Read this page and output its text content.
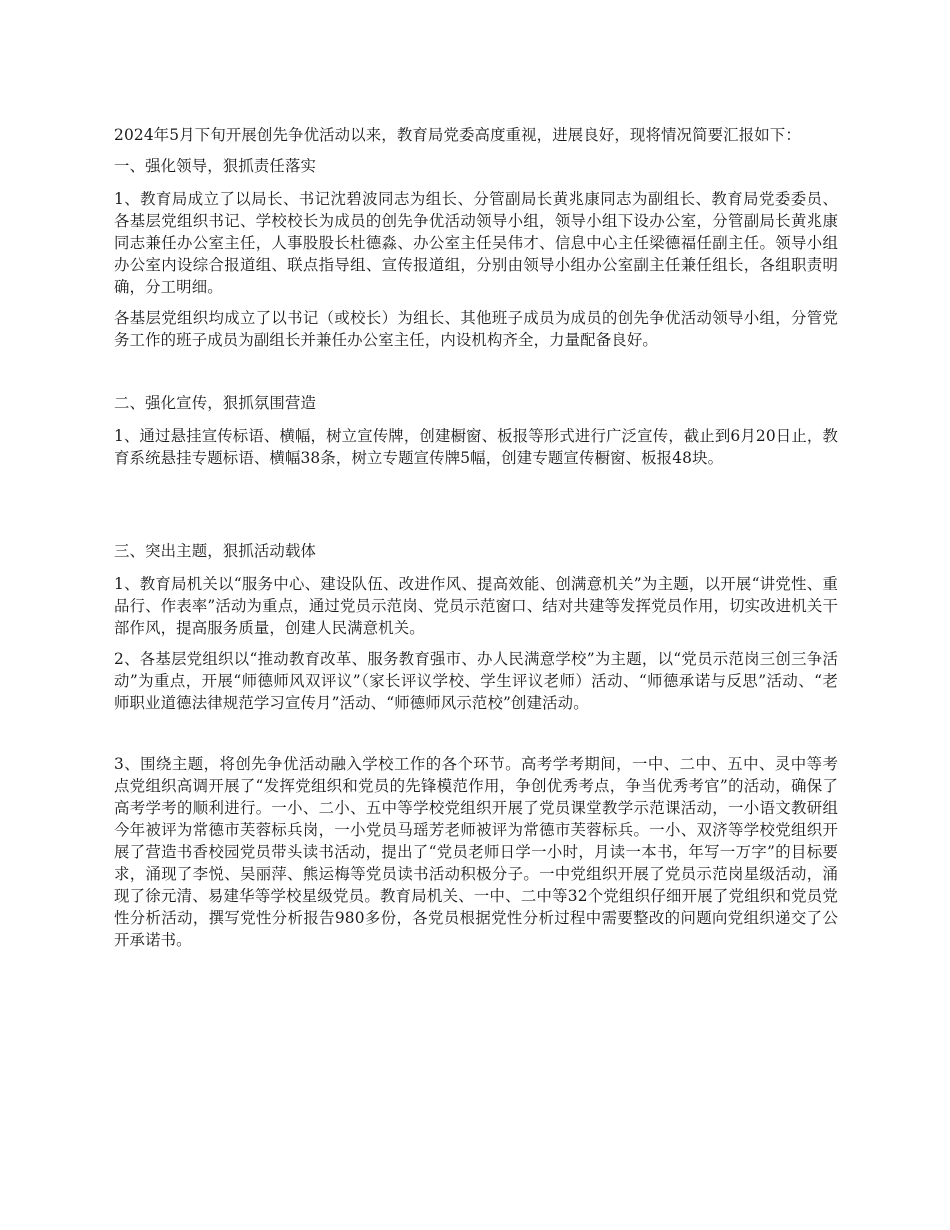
2024年5月下旬开展创先争优活动以来，教育局党委高度重视，进展良好，现将情况简要汇报如下：

一、强化领导，狠抓责任落实

1、教育局成立了以局长、书记沈碧波同志为组长、分管副局长黄兆康同志为副组长、教育局党委委员、各基层党组织书记、学校校长为成员的创先争优活动领导小组，领导小组下设办公室，分管副局长黄兆康同志兼任办公室主任，人事股股长杜德淼、办公室主任吴伟才、信息中心主任梁德福任副主任。领导小组办公室内设综合报道组、联点指导组、宣传报道组，分别由领导小组办公室副主任兼任组长，各组职责明确，分工明细。

各基层党组织均成立了以书记（或校长）为组长、其他班子成员为成员的创先争优活动领导小组，分管党务工作的班子成员为副组长并兼任办公室主任，内设机构齐全，力量配备良好。

二、强化宣传，狠抓氛围营造

1、通过悬挂宣传标语、横幅，树立宣传牌，创建橱窗、板报等形式进行广泛宣传，截止到6月20日止，教育系统悬挂专题标语、横幅38条，树立专题宣传牌5幅，创建专题宣传橱窗、板报48块。

三、突出主题，狠抓活动载体

1、教育局机关以“服务中心、建设队伍、改进作风、提高效能、创满意机关”为主题，以开展“讲党性、重品行、作表率”活动为重点，通过党员示范岗、党员示范窗口、结对共建等发挥党员作用，切实改进机关干部作风，提高服务质量，创建人民满意机关。

2、各基层党组织以“推动教育改革、服务教育强市、办人民满意学校”为主题，以“党员示范岗三创三争活动”为重点，开展“师德师风双评议”（家长评议学校、学生评议老师）活动、“师德承诺与反思”活动、“老师职业道德法律规范学习宣传月”活动、“师德师风示范校”创建活动。

3、围绕主题，将创先争优活动融入学校工作的各个环节。高考学考期间，一中、二中、五中、灵中等考点党组织高调开展了“发挥党组织和党员的先锋模范作用，争创优秀考点，争当优秀考官”的活动，确保了高考学考的顺利进行。一小、二小、五中等学校党组织开展了党员课堂教学示范课活动，一小语文教研组今年被评为常德市芙蓉标兵岗，一小党员马瑶芳老师被评为常德市芙蓉标兵。一小、双济等学校党组织开展了营造书香校园党员带头读书活动，提出了“党员老师日学一小时，月读一本书，年写一万字”的目标要求，涌现了李悦、吴丽萍、熊运梅等党员读书活动积极分子。一中党组织开展了党员示范岗星级活动，涌现了徐元清、易建华等学校星级党员。教育局机关、一中、二中等32个党组织仔细开展了党组织和党员党性分析活动，撰写党性分析报告980多份，各党员根据党性分析过程中需要整改的问题向党组织递交了公开承诺书。
